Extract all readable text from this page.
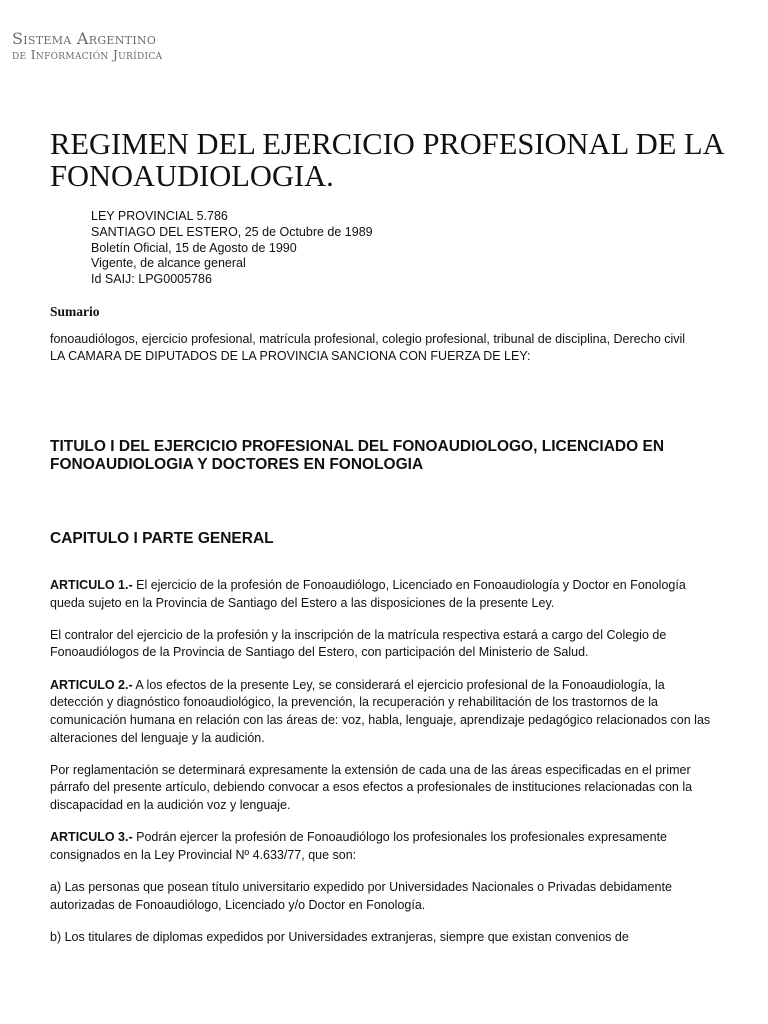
Sistema Argentino
de Información Jurídica
REGIMEN DEL EJERCICIO PROFESIONAL DE LA FONOAUDIOLOGIA.
LEY PROVINCIAL 5.786
SANTIAGO DEL ESTERO, 25 de Octubre de 1989
Boletín Oficial, 15 de Agosto de 1990
Vigente, de alcance general
Id SAIJ: LPG0005786
Sumario

fonoaudiólogos, ejercicio profesional, matrícula profesional, colegio profesional, tribunal de disciplina, Derecho civil

LA CAMARA DE DIPUTADOS DE LA PROVINCIA SANCIONA CON FUERZA DE LEY:

TITULO I DEL EJERCICIO PROFESIONAL DEL FONOAUDIOLOGO, LICENCIADO EN FONOAUDIOLOGIA Y DOCTORES EN FONOLOGIA
CAPITULO I PARTE GENERAL

ARTICULO 1.- El ejercicio de la profesión de Fonoaudiólogo, Licenciado en Fonoaudiología y Doctor en Fonología queda sujeto en la Provincia de Santiago del Estero a las disposiciones de la presente Ley.

El contralor del ejercicio de la profesión y la inscripción de la matrícula respectiva estará a cargo del Colegio de Fonoaudiólogos de la Provincia de Santiago del Estero, con participación del Ministerio de Salud.

ARTICULO 2.- A los efectos de la presente Ley, se considerará el ejercicio profesional de la Fonoaudiología, la detección y diagnóstico fonoaudiológico, la prevención, la recuperación y rehabilitación de los trastornos de la comunicación humana en relación con las áreas de: voz, habla, lenguaje, aprendizaje pedagógico relacionados con las alteraciones del lenguaje y la audición.

Por reglamentación se determinará expresamente la extensión de cada una de las áreas especificadas en el primer párrafo del presente artículo, debiendo convocar a esos efectos a profesionales de instituciones relacionadas con la discapacidad en la audición voz y lenguaje.

ARTICULO 3.- Podrán ejercer la profesión de Fonoaudiólogo los profesionales los profesionales expresamente consignados en la Ley Provincial Nº 4.633/77, que son:

a) Las personas que posean título universitario expedido por Universidades Nacionales o Privadas debidamente autorizadas de Fonoaudiólogo, Licenciado y/o Doctor en Fonología.

b) Los titulares de diplomas expedidos por Universidades extranjeras, siempre que existan convenios de
